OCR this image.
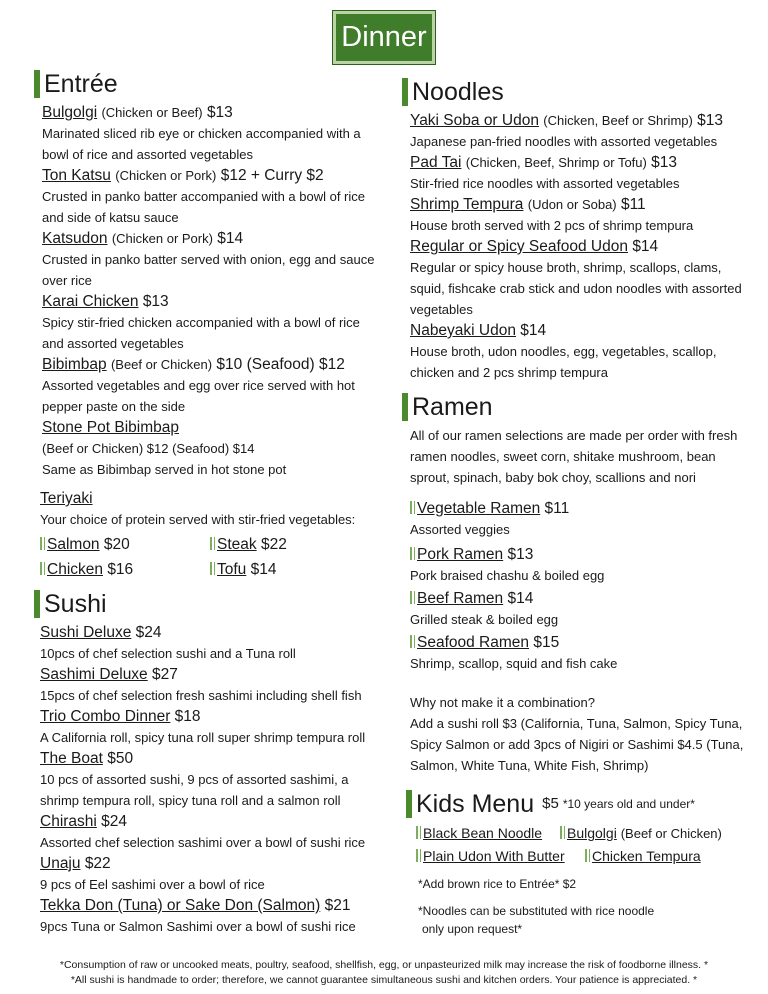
Dinner
Entrée
Bulgolgi (Chicken or Beef) $13
Marinated sliced rib eye or chicken accompanied with a bowl of rice and assorted vegetables
Ton Katsu (Chicken or Pork) $12 + Curry $2
Crusted in panko batter accompanied with a bowl of rice and side of katsu sauce
Katsudon (Chicken or Pork) $14
Crusted in panko batter served with onion, egg and sauce over rice
Karai Chicken $13
Spicy stir-fried chicken accompanied with a bowl of rice and assorted vegetables
Bibimbap (Beef or Chicken) $10 (Seafood) $12
Assorted vegetables and egg over rice served with hot pepper paste on the side
Stone Pot Bibimbap
(Beef or Chicken) $12 (Seafood) $14
Same as Bibimbap served in hot stone pot
Teriyaki
Your choice of protein served with stir-fried vegetables:
Salmon $20	Steak $22
Chicken $16	Tofu $14
Sushi
Sushi Deluxe $24
10pcs of chef selection sushi and a Tuna roll
Sashimi Deluxe $27
15pcs of chef selection fresh sashimi including shell fish
Trio Combo Dinner $18
A California roll, spicy tuna roll super shrimp tempura roll
The Boat $50
10 pcs of assorted sushi, 9 pcs of assorted sashimi, a shrimp tempura roll, spicy tuna roll and a salmon roll
Chirashi $24
Assorted chef selection sashimi over a bowl of sushi rice
Unaju $22
9 pcs of Eel sashimi over a bowl of rice
Tekka Don (Tuna) or Sake Don (Salmon) $21
9pcs Tuna or Salmon Sashimi over a bowl of sushi rice
Noodles
Yaki Soba or Udon (Chicken, Beef or Shrimp) $13
Japanese pan-fried noodles with assorted vegetables
Pad Tai (Chicken, Beef, Shrimp or Tofu) $13
Stir-fried rice noodles with assorted vegetables
Shrimp Tempura (Udon or Soba) $11
House broth served with 2 pcs of shrimp tempura
Regular or Spicy Seafood Udon $14
Regular or spicy house broth, shrimp, scallops, clams, squid, fishcake crab stick and udon noodles with assorted vegetables
Nabeyaki Udon $14
House broth, udon noodles, egg, vegetables, scallop, chicken and 2 pcs shrimp tempura
Ramen
All of our ramen selections are made per order with fresh ramen noodles, sweet corn, shitake mushroom, bean sprout, spinach, baby bok choy, scallions and nori
Vegetable Ramen $11
Assorted veggies
Pork Ramen $13
Pork braised chashu & boiled egg
Beef Ramen $14
Grilled steak & boiled egg
Seafood Ramen $15
Shrimp, scallop, squid and fish cake
Why not make it a combination?
Add a sushi roll $3 (California, Tuna, Salmon, Spicy Tuna, Spicy Salmon or add 3pcs of Nigiri or Sashimi $4.5 (Tuna, Salmon, White Tuna, White Fish, Shrimp)
Kids Menu $5 *10 years old and under*
Black Bean Noodle	Bulgolgi (Beef or Chicken)
Plain Udon With Butter	Chicken Tempura
*Add brown rice to Entrée* $2
*Noodles can be substituted with rice noodle
only upon request*
*Consumption of raw or uncooked meats, poultry, seafood, shellfish, egg, or unpasteurized milk may increase the risk of foodborne illness. *
*All sushi is handmade to order; therefore, we cannot guarantee simultaneous sushi and kitchen orders. Your patience is appreciated. *
